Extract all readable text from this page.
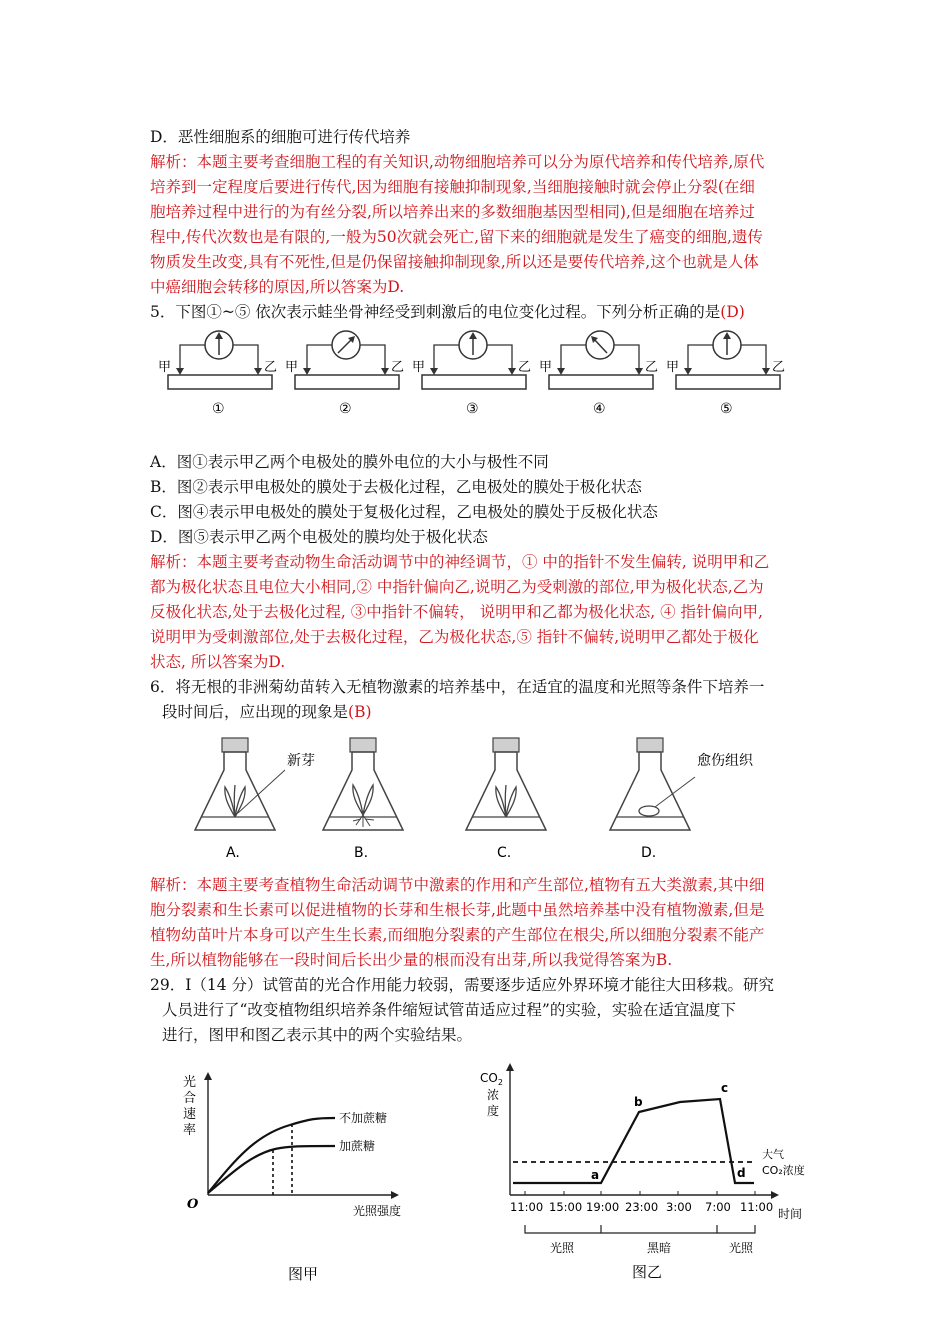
D．恶性细胞系的细胞可进行传代培养
解析：本题主要考查细胞工程的有关知识,动物细胞培养可以分为原代培养和传代培养,原代
培养到一定程度后要进行传代,因为细胞有接触抑制现象,当细胞接触时就会停止分裂(在细
胞培养过程中进行的为有丝分裂,所以培养出来的多数细胞基因型相同),但是细胞在培养过
程中,传代次数也是有限的,一般为50次就会死亡,留下来的细胞就是发生了癌变的细胞,遗传
物质发生改变,具有不死性,但是仍保留接触抑制现象,所以还是要传代培养,这个也就是人体
中癌细胞会转移的原因,所以答案为D.
5．下图①~⑤ 依次表示蛙坐骨神经受到刺激后的电位变化过程。下列分析正确的是(D)
甲	乙
①
甲	乙
②
甲	乙
③
甲	乙
④
甲	乙
⑤
A．图①表示甲乙两个电极处的膜外电位的大小与极性不同
B．图②表示甲电极处的膜处于去极化过程，乙电极处的膜处于极化状态
C．图④表示甲电极处的膜处于复极化过程，乙电极处的膜处于反极化状态
D．图⑤表示甲乙两个电极处的膜均处于极化状态
解析：本题主要考查动物生命活动调节中的神经调节，① 中的指针不发生偏转, 说明甲和乙
都为极化状态且电位大小相同,② 中指针偏向乙,说明乙为受刺激的部位,甲为极化状态,乙为
反极化状态,处于去极化过程, ③中指针不偏转， 说明甲和乙都为极化状态, ④ 指针偏向甲,
说明甲为受刺激部位,处于去极化过程，乙为极化状态,⑤ 指针不偏转,说明甲乙都处于极化
状态, 所以答案为D.
6．将无根的非洲菊幼苗转入无植物激素的培养基中，在适宜的温度和光照等条件下培养一
段时间后，应出现的现象是(B)
新芽
A.	B.	C.
愈伤组织
D.
解析：本题主要考查植物生命活动调节中激素的作用和产生部位,植物有五大类激素,其中细
胞分裂素和生长素可以促进植物的长芽和生根长芽,此题中虽然培养基中没有植物激素,但是
植物幼苗叶片本身可以产生生长素,而细胞分裂素的产生部位在根尖,所以细胞分裂素不能产
生,所以植物能够在一段时间后长出少量的根而没有出芽,所以我觉得答案为B.
29．I（14 分）试管苗的光合作用能力较弱，需要逐步适应外界环境才能往大田移栽。研究
人员进行了“改变植物组织培养条件缩短试管苗适应过程”的实验，实验在适宜温度下
进行，图甲和图乙表示其中的两个实验结果。
光
合
速
率
O	光照强度
不加蔗糖
加蔗糖
图甲
$CO_2$
浓
度
a
b
c
d
大气
CO₂浓度
11:00 15:00 19:00 23:00 3:00 7:00 11:00 时间
光照	黑暗	光照
图乙
